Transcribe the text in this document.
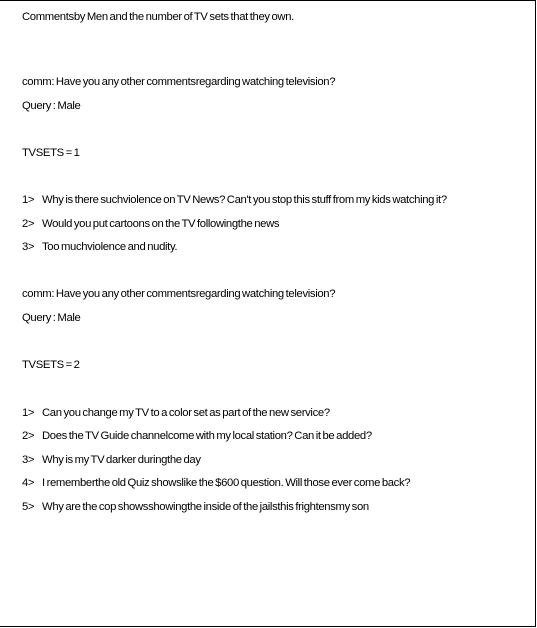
Commentsby Men and the number of TV sets that they own.
comm: Have you any other commentsregarding watching television?
Query : Male
TVSETS = 1
1> Why is there suchviolence on TV News? Can't you stop this stuff from my kids watching it?
2> Would you put cartoons on the TV followingthe news
3> Too muchviolence and nudity.
comm: Have you any other commentsregarding watching television?
Query : Male
TVSETS = 2
1> Can you change my TV to a color set as part of the new service?
2> Does the TV Guide channelcome with my local station? Can it be added?
3> Why is my TV darker duringthe day
4> I rememberthe old Quiz showslike the $600 question. Will those ever come back?
5> Why are the cop showsshowingthe inside of the jailsthis frightensmy son
